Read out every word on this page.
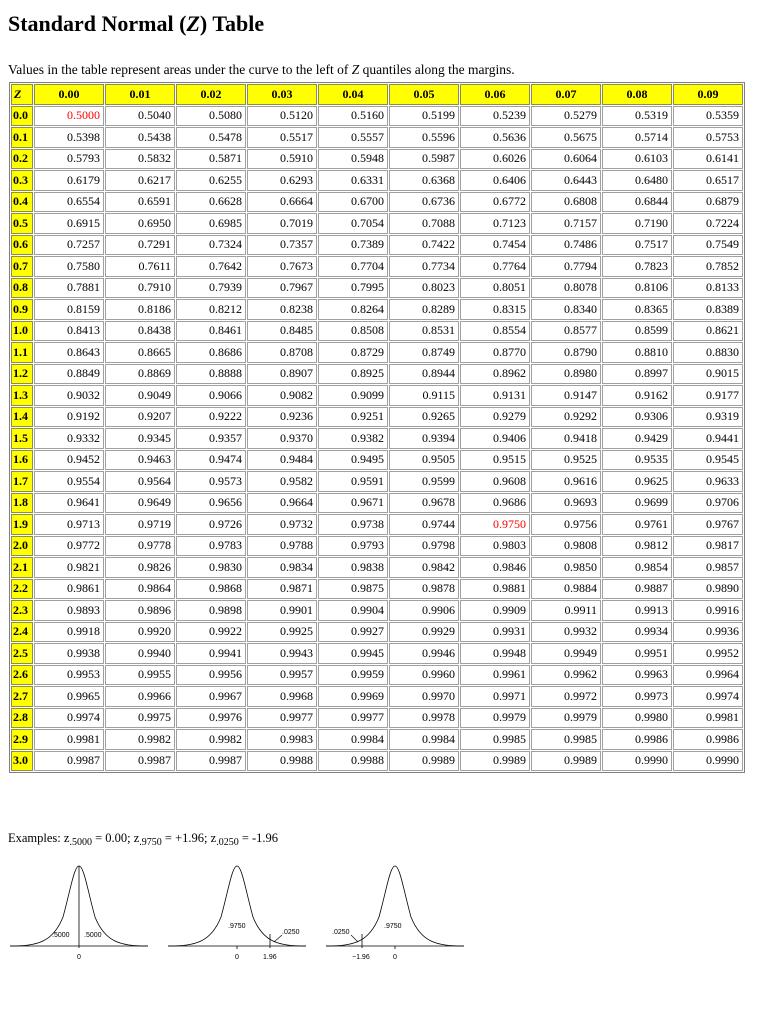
Standard Normal (Z) Table

Values in the table represent areas under the curve to the left of Z quantiles along the margins.

Z	0.00	0.01	0.02	0.03	0.04	0.05	0.06	0.07	0.08	0.09
0.0	0.5000	0.5040	0.5080	0.5120	0.5160	0.5199	0.5239	0.5279	0.5319	0.5359
0.1	0.5398	0.5438	0.5478	0.5517	0.5557	0.5596	0.5636	0.5675	0.5714	0.5753
0.2	0.5793	0.5832	0.5871	0.5910	0.5948	0.5987	0.6026	0.6064	0.6103	0.6141
0.3	0.6179	0.6217	0.6255	0.6293	0.6331	0.6368	0.6406	0.6443	0.6480	0.6517
0.4	0.6554	0.6591	0.6628	0.6664	0.6700	0.6736	0.6772	0.6808	0.6844	0.6879
0.5	0.6915	0.6950	0.6985	0.7019	0.7054	0.7088	0.7123	0.7157	0.7190	0.7224
0.6	0.7257	0.7291	0.7324	0.7357	0.7389	0.7422	0.7454	0.7486	0.7517	0.7549
0.7	0.7580	0.7611	0.7642	0.7673	0.7704	0.7734	0.7764	0.7794	0.7823	0.7852
0.8	0.7881	0.7910	0.7939	0.7967	0.7995	0.8023	0.8051	0.8078	0.8106	0.8133
0.9	0.8159	0.8186	0.8212	0.8238	0.8264	0.8289	0.8315	0.8340	0.8365	0.8389
1.0	0.8413	0.8438	0.8461	0.8485	0.8508	0.8531	0.8554	0.8577	0.8599	0.8621
1.1	0.8643	0.8665	0.8686	0.8708	0.8729	0.8749	0.8770	0.8790	0.8810	0.8830
1.2	0.8849	0.8869	0.8888	0.8907	0.8925	0.8944	0.8962	0.8980	0.8997	0.9015
1.3	0.9032	0.9049	0.9066	0.9082	0.9099	0.9115	0.9131	0.9147	0.9162	0.9177
1.4	0.9192	0.9207	0.9222	0.9236	0.9251	0.9265	0.9279	0.9292	0.9306	0.9319
1.5	0.9332	0.9345	0.9357	0.9370	0.9382	0.9394	0.9406	0.9418	0.9429	0.9441
1.6	0.9452	0.9463	0.9474	0.9484	0.9495	0.9505	0.9515	0.9525	0.9535	0.9545
1.7	0.9554	0.9564	0.9573	0.9582	0.9591	0.9599	0.9608	0.9616	0.9625	0.9633
1.8	0.9641	0.9649	0.9656	0.9664	0.9671	0.9678	0.9686	0.9693	0.9699	0.9706
1.9	0.9713	0.9719	0.9726	0.9732	0.9738	0.9744	0.9750	0.9756	0.9761	0.9767
2.0	0.9772	0.9778	0.9783	0.9788	0.9793	0.9798	0.9803	0.9808	0.9812	0.9817
2.1	0.9821	0.9826	0.9830	0.9834	0.9838	0.9842	0.9846	0.9850	0.9854	0.9857
2.2	0.9861	0.9864	0.9868	0.9871	0.9875	0.9878	0.9881	0.9884	0.9887	0.9890
2.3	0.9893	0.9896	0.9898	0.9901	0.9904	0.9906	0.9909	0.9911	0.9913	0.9916
2.4	0.9918	0.9920	0.9922	0.9925	0.9927	0.9929	0.9931	0.9932	0.9934	0.9936
2.5	0.9938	0.9940	0.9941	0.9943	0.9945	0.9946	0.9948	0.9949	0.9951	0.9952
2.6	0.9953	0.9955	0.9956	0.9957	0.9959	0.9960	0.9961	0.9962	0.9963	0.9964
2.7	0.9965	0.9966	0.9967	0.9968	0.9969	0.9970	0.9971	0.9972	0.9973	0.9974
2.8	0.9974	0.9975	0.9976	0.9977	0.9977	0.9978	0.9979	0.9979	0.9980	0.9981
2.9	0.9981	0.9982	0.9982	0.9983	0.9984	0.9984	0.9985	0.9985	0.9986	0.9986
3.0	0.9987	0.9987	0.9987	0.9988	0.9988	0.9989	0.9989	0.9989	0.9990	0.9990

Examples: $z_{.5000} = 0.00$; $z_{.9750} = +1.96$; $z_{.0250} = -1.96$

.5000 .5000
0
.9750
.0250
0	1.96
.0250
.9750
−1.96	0
